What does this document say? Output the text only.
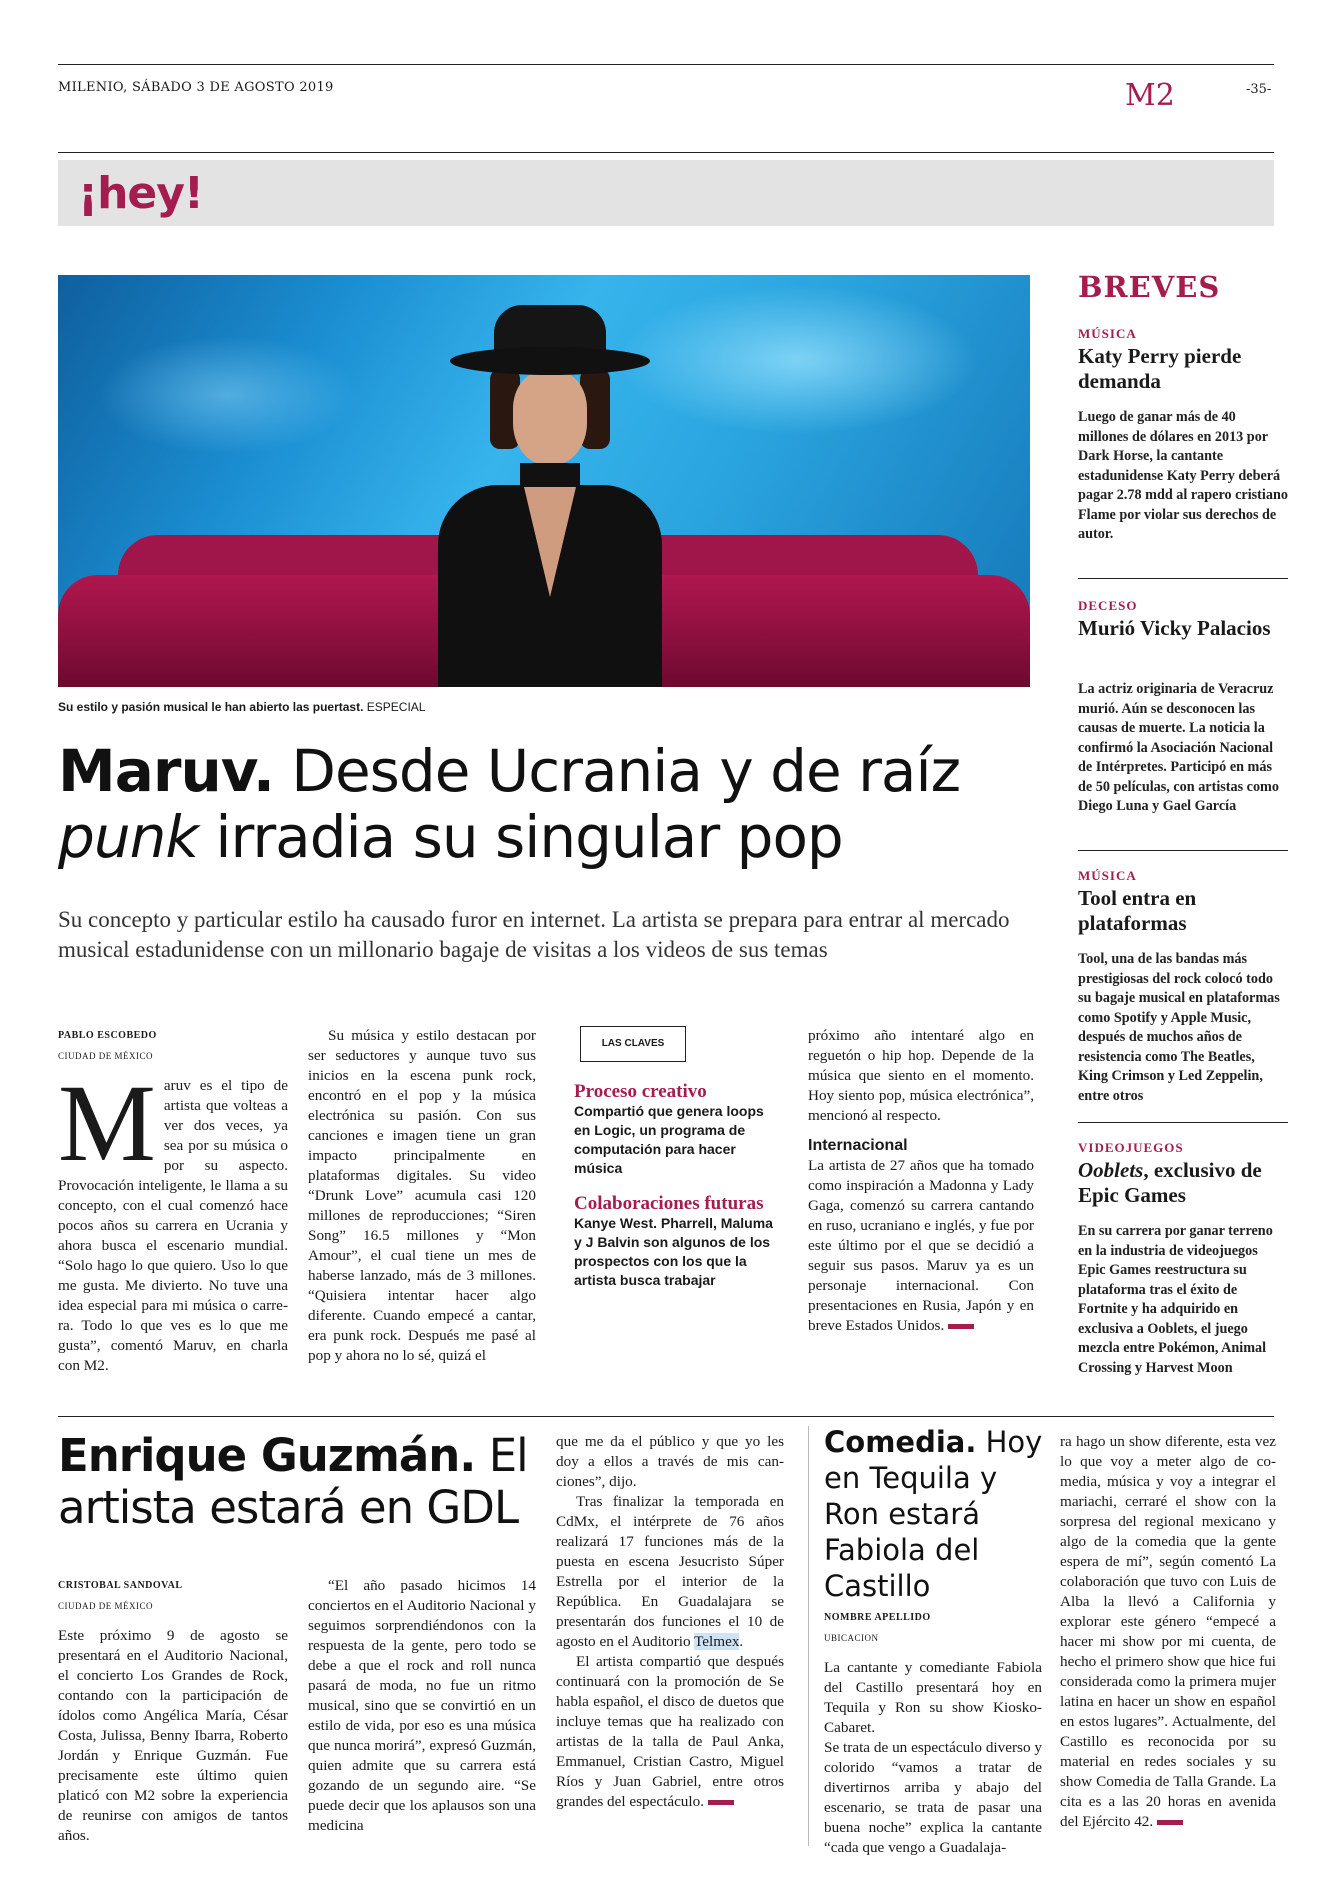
MILENIO, SÁBADO 3 DE AGOSTO 2019	M2	-35-
¡hey!
Su estilo y pasión musical le han abierto las puertast. ESPECIAL
Maruv. Desde Ucrania y de raíz punk irradia su singular pop
Su concepto y particular estilo ha causado furor en internet. La artista se prepara para entrar al mercado musical estadunidense con un millonario bagaje de visitas a los videos de sus temas
PABLO ESCOBEDO
CIUDAD DE MÉXICO
M aruv es el tipo de artista que volteas a ver dos veces, ya sea por su música o por su aspecto. Provocación inteligente, le llama a su concepto, con el cual comenzó hace pocos años su carrera en Ucrania y ahora busca el escenario mundial. “Solo hago lo que quiero. Uso lo que me gusta. Me divierto. No tuve una idea especial para mi música o carrera. Todo lo que ves es lo que me gusta”, comentó Maruv, en charla con M2.
Su música y estilo destacan por ser seductores y aunque tuvo sus inicios en la escena punk rock, encontró en el pop y la música electrónica su pasión. Con sus canciones e imagen tiene un gran impacto principalmente en plataformas digitales. Su video “Drunk Love” acumula casi 120 millones de reproducciones; “Siren Song” 16.5 millones y “Mon Amour”, el cual tiene un mes de haberse lanzado, más de 3 millones. “Quisiera intentar hacer algo diferente. Cuando empecé a cantar, era punk rock. Después me pasé al pop y ahora no lo sé, quizá el
LAS CLAVES
Proceso creativo
Compartió que genera loops en Logic, un programa de computación para hacer música
Colaboraciones futuras
Kanye West. Pharrell, Maluma y J Balvin son algunos de los prospectos con los que la artista busca trabajar
próximo año intentaré algo en reguetón o hip hop. Depende de la música que siento en el momento. Hoy siento pop, música electrónica”, mencionó al respecto.
Internacional
La artista de 27 años que ha tomado como inspiración a Madonna y Lady Gaga, comenzó su carrera cantando en ruso, ucraniano e inglés, y fue por este último por el que se decidió a seguir sus pasos. Maruv ya es un personaje internacional. Con presentaciones en Rusia, Japón y en breve Estados Unidos.
BREVES
MÚSICA
Katy Perry pierde demanda
Luego de ganar más de 40 millones de dólares en 2013 por Dark Horse, la cantante estadunidense Katy Perry deberá pagar 2.78 mdd al rapero cristiano Flame por violar sus derechos de autor.
DECESO
Murió Vicky Palacios
La actriz originaria de Veracruz murió. Aún se desconocen las causas de muerte. La noticia la confirmó la Asociación Nacional de Intérpretes. Participó en más de 50 películas, con artistas como Diego Luna y Gael García
MÚSICA
Tool entra en plataformas
Tool, una de las bandas más prestigiosas del rock colocó todo su bagaje musical en plataformas como Spotify y Apple Music, después de muchos años de resistencia como The Beatles, King Crimson y Led Zeppelin, entre otros
VIDEOJUEGOS
Ooblets, exclusivo de Epic Games
En su carrera por ganar terreno en la industria de videojuegos Epic Games reestructura su plataforma tras el éxito de Fortnite y ha adquirido en exclusiva a Ooblets, el juego mezcla entre Pokémon, Animal Crossing y Harvest Moon
Enrique Guzmán. El artista estará en GDL
CRISTOBAL SANDOVAL
CIUDAD DE MÉXICO
Este próximo 9 de agosto se presentará en el Auditorio Nacional, el concierto Los Grandes de Rock, contando con la participación de ídolos como Angélica María, César Costa, Julissa, Benny Ibarra, Roberto Jordán y Enrique Guzmán. Fue precisamente este último quien platicó con M2 sobre la experiencia de reunirse con amigos de tantos años.
“El año pasado hicimos 14 conciertos en el Auditorio Nacional y seguimos sorprendiéndonos con la respuesta de la gente, pero todo se debe a que el rock and roll nunca pasará de moda, no fue un ritmo musical, sino que se convirtió en un estilo de vida, por eso es una música que nunca morirá”, expresó Guzmán, quien admite que su carrera está gozando de un segundo aire. “Se puede decir que los aplausos son una medicina
que me da el público y que yo les doy a ellos a través de mis canciones”, dijo.
Tras finalizar la temporada en CdMx, el intérprete de 76 años realizará 17 funciones más de la puesta en escena Jesucristo Súper Estrella por el interior de la República. En Guadalajara se presentarán dos funciones el 10 de agosto en el Auditorio Telmex.
El artista compartió que después continuará con la promoción de Se habla español, el disco de duetos que incluye temas que ha realizado con artistas de la talla de Paul Anka, Emmanuel, Cristian Castro, Miguel Ríos y Juan Gabriel, entre otros grandes del espectáculo.
Comedia. Hoy en Tequila y Ron estará Fabiola del Castillo
NOMBRE APELLIDO
UBICACION
La cantante y comediante Fabiola del Castillo presentará hoy en Tequila y Ron su show Kiosko-Cabaret.
Se trata de un espectáculo diverso y colorido “vamos a tratar de divertirnos arriba y abajo del escenario, se trata de pasar una buena noche” explica la cantante “cada que vengo a Guadalaja-
ra hago un show diferente, esta vez lo que voy a meter algo de comedia, música y voy a integrar el mariachi, cerraré el show con la sorpresa del regional mexicano y algo de la comedia que la gente espera de mí”, según comentó La colaboración que tuvo con Luis de Alba la llevó a California y explorar este género “empecé a hacer mi show por mi cuenta, de hecho el primero show que hice fui considerada como la primera mujer latina en hacer un show en español en estos lugares”. Actualmente, del Castillo es reconocida por su material en redes sociales y su show Comedia de Talla Grande. La cita es a las 20 horas en avenida del Ejército 42.
